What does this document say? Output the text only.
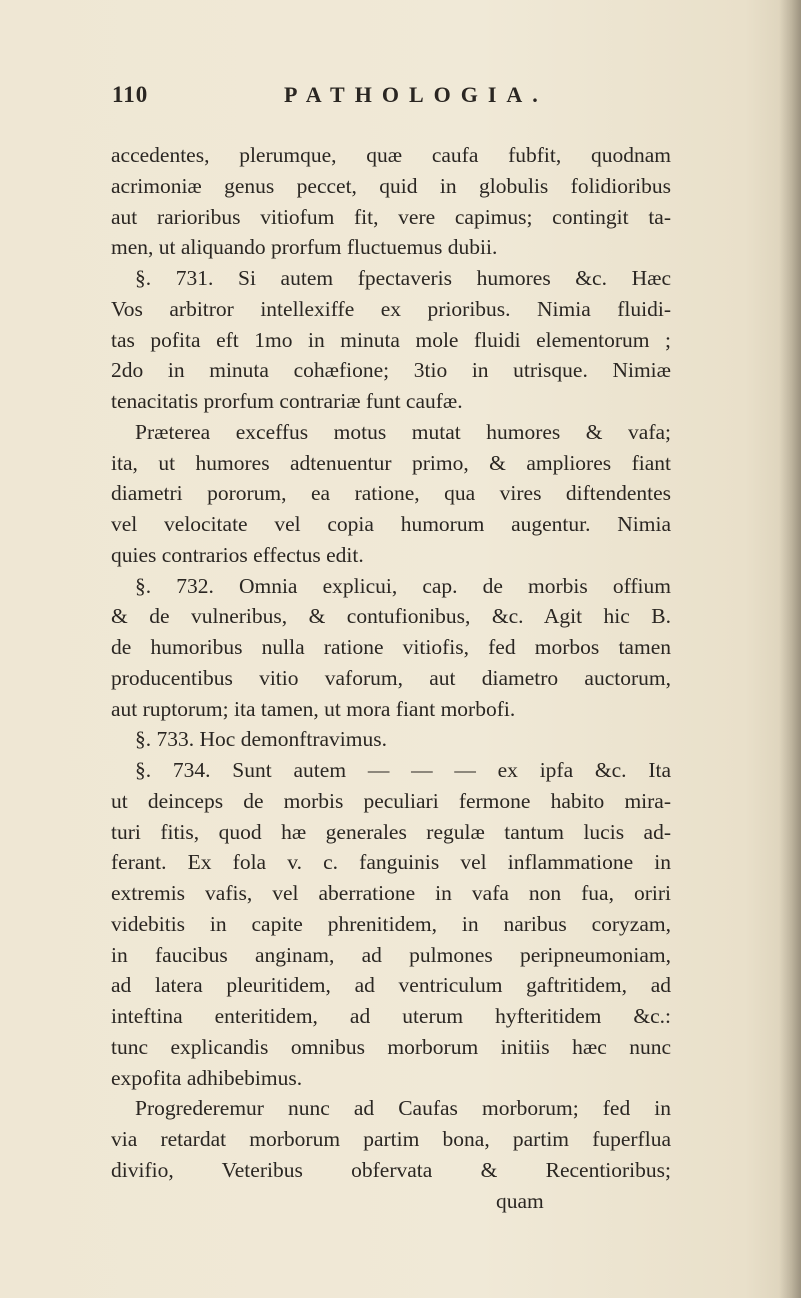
110	PATHOLOGIA.
accedentes, plerumque, quæ caufa fubfit, quodnam
acrimoniæ genus peccet, quid in globulis folidioribus
aut rarioribus vitiofum fit, vere capimus; contingit ta-
men, ut aliquando prorfum fluctuemus dubii.
§. 731. Si autem fpectaveris humores &c. Hæc
Vos arbitror intellexiffe ex prioribus. Nimia fluidi-
tas pofita eft 1mo in minuta mole fluidi elementorum ;
2do in minuta cohæfione; 3tio in utrisque. Nimiæ
tenacitatis prorfum contrariæ funt caufæ.
Præterea exceffus motus mutat humores & vafa;
ita, ut humores adtenuentur primo, & ampliores fiant
diametri pororum, ea ratione, qua vires diftendentes
vel velocitate vel copia humorum augentur. Nimia
quies contrarios effectus edit.
§. 732. Omnia explicui, cap. de morbis offium
& de vulneribus, & contufionibus, &c. Agit hic B.
de humoribus nulla ratione vitiofis, fed morbos tamen
producentibus vitio vaforum, aut diametro auctorum,
aut ruptorum; ita tamen, ut mora fiant morbofi.
§. 733. Hoc demonftravimus.
§. 734. Sunt autem — — — ex ipfa &c. Ita
ut deinceps de morbis peculiari fermone habito mira-
turi fitis, quod hæ generales regulæ tantum lucis ad-
ferant. Ex fola v. c. fanguinis vel inflammatione in
extremis vafis, vel aberratione in vafa non fua, oriri
videbitis in capite phrenitidem, in naribus coryzam,
in faucibus anginam, ad pulmones peripneumoniam,
ad latera pleuritidem, ad ventriculum gaftritidem, ad
inteftina enteritidem, ad uterum hyfteritidem &c.:
tunc explicandis omnibus morborum initiis hæc nunc
expofita adhibebimus.
Progrederemur nunc ad Caufas morborum; fed in
via retardat morborum partim bona, partim fuperflua
divifio, Veteribus obfervata & Recentioribus;
quam
